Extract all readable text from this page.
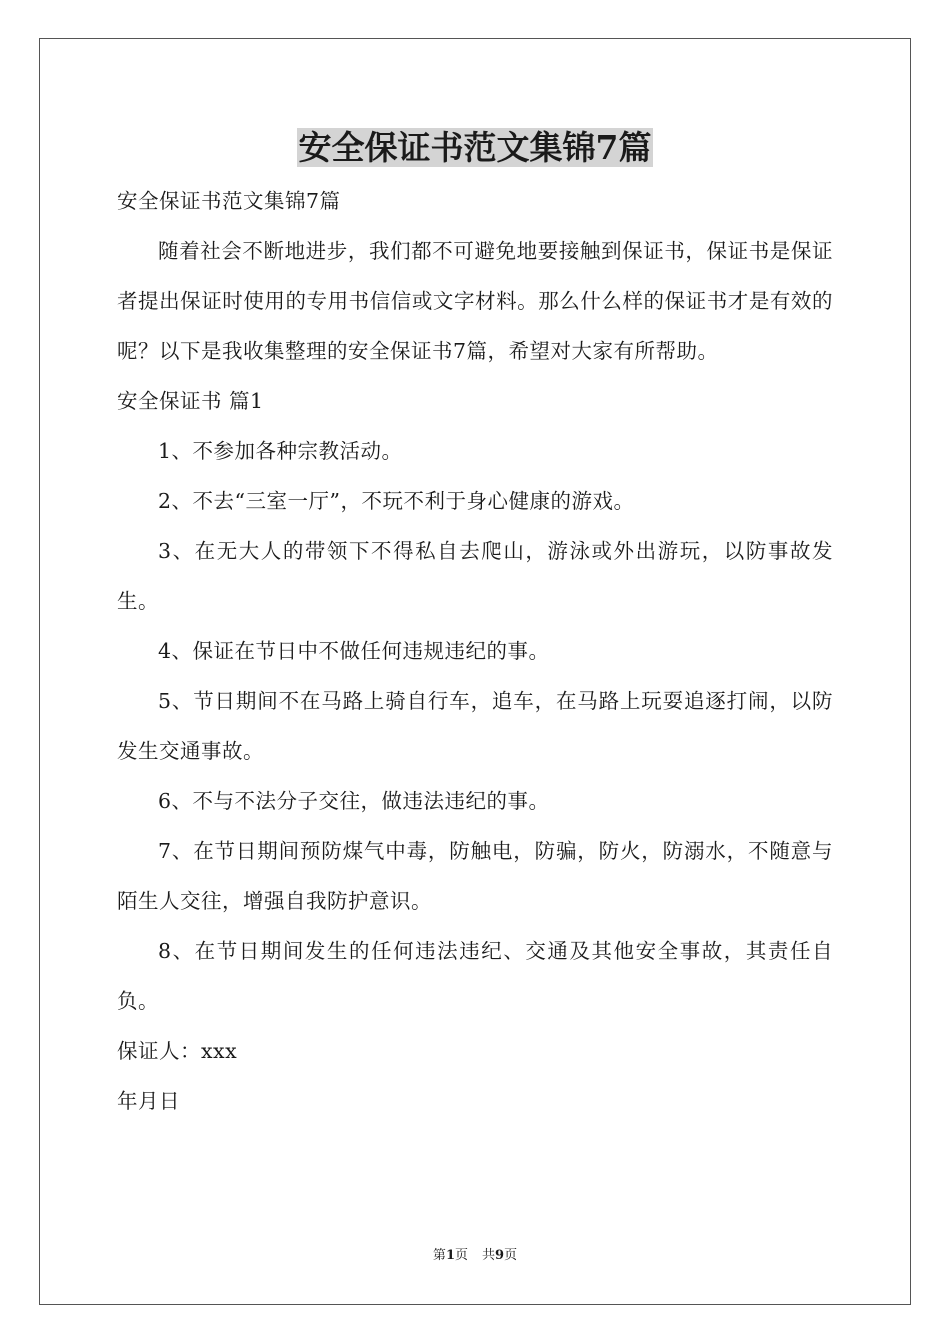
安全保证书范文集锦7篇

安全保证书范文集锦7篇

随着社会不断地进步，我们都不可避免地要接触到保证书，保证书是保证者提出保证时使用的专用书信信或文字材料。那么什么样的保证书才是有效的呢？以下是我收集整理的安全保证书7篇，希望对大家有所帮助。

安全保证书 篇1

1、不参加各种宗教活动。

2、不去“三室一厅”，不玩不利于身心健康的游戏。

3、在无大人的带领下不得私自去爬山，游泳或外出游玩，以防事故发生。

4、保证在节日中不做任何违规违纪的事。

5、节日期间不在马路上骑自行车，追车，在马路上玩耍追逐打闹，以防发生交通事故。

6、不与不法分子交往，做违法违纪的事。

7、在节日期间预防煤气中毒，防触电，防骗，防火，防溺水，不随意与陌生人交往，增强自我防护意识。

8、在节日期间发生的任何违法违纪、交通及其他安全事故，其责任自负。

保证人：xxx

年月日

第1页 共9页
